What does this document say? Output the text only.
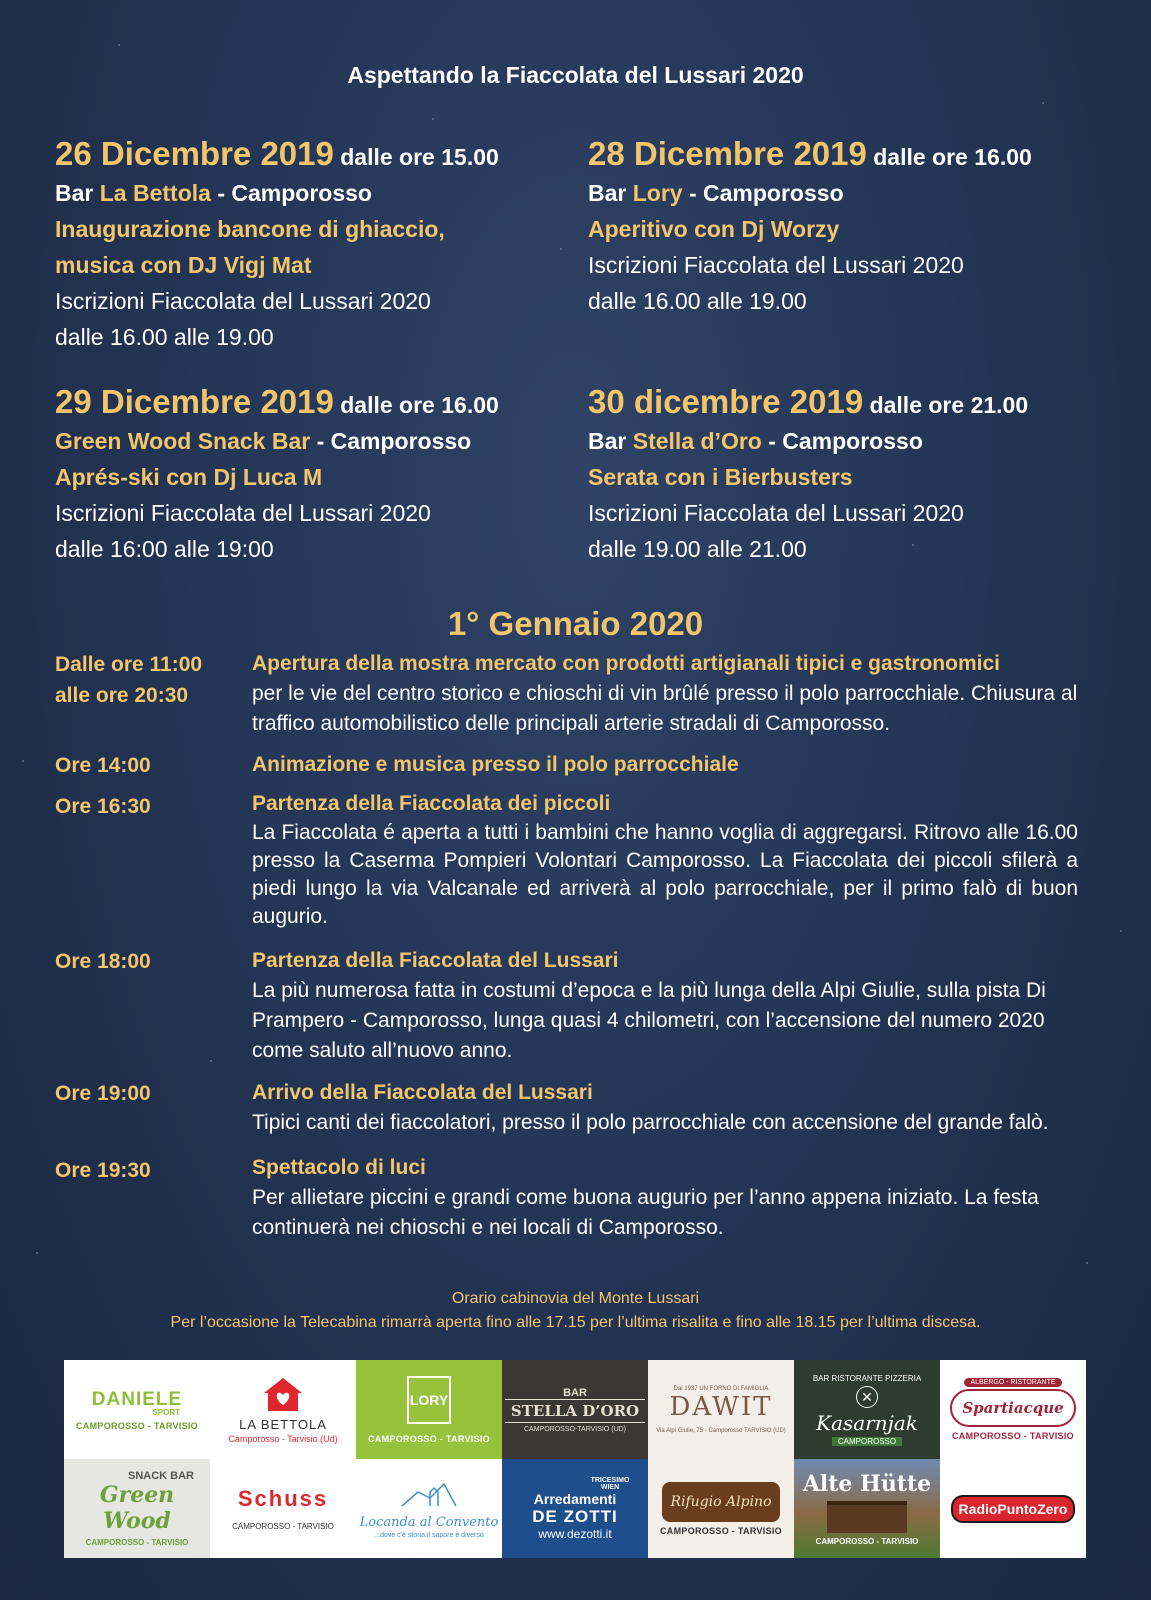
Aspettando la Fiaccolata del Lussari 2020
26 Dicembre 2019 dalle ore 15.00
Bar La Bettola - Camporosso
Inaugurazione bancone di ghiaccio, musica con DJ Vigj Mat
Iscrizioni Fiaccolata del Lussari 2020
dalle 16.00 alle 19.00
28 Dicembre 2019 dalle ore 16.00
Bar Lory - Camporosso
Aperitivo con Dj Worzy
Iscrizioni Fiaccolata del Lussari 2020
dalle 16.00 alle 19.00
29 Dicembre 2019 dalle ore 16.00
Green Wood Snack Bar - Camporosso
Aprés-ski con Dj Luca M
Iscrizioni Fiaccolata del Lussari 2020
dalle 16:00 alle 19:00
30 dicembre 2019 dalle ore 21.00
Bar Stella d’Oro - Camporosso
Serata con i Bierbusters
Iscrizioni Fiaccolata del Lussari 2020
dalle 19.00 alle 21.00
1° Gennaio 2020
Dalle ore 11:00 alle ore 20:30
Apertura della mostra mercato con prodotti artigianali tipici e gastronomici
per le vie del centro storico e chioschi di vin brûlé presso il polo parrocchiale. Chiusura al traffico automobilistico delle principali arterie stradali di Camporosso.
Ore 14:00	Animazione e musica presso il polo parrocchiale
Ore 16:30	Partenza della Fiaccolata dei piccoli
La Fiaccolata é aperta a tutti i bambini che hanno voglia di aggregarsi. Ritrovo alle 16.00 presso la Caserma Pompieri Volontari Camporosso. La Fiaccolata dei piccoli sfilerà a piedi lungo la via Valcanale ed arriverà al polo parrocchiale, per il primo falò di buon augurio.
Ore 18:00	Partenza della Fiaccolata del Lussari
La più numerosa fatta in costumi d’epoca e la più lunga della Alpi Giulie, sulla pista Di Prampero - Camporosso, lunga quasi 4 chilometri, con l’accensione del numero 2020 come saluto all’nuovo anno.
Ore 19:00	Arrivo della Fiaccolata del Lussari
Tipici canti dei fiaccolatori, presso il polo parrocchiale con accensione del grande falò.
Ore 19:30	Spettacolo di luci
Per allietare piccini e grandi come buona augurio per l’anno appena iniziato. La festa continuerà nei chioschi e nei locali di Camporosso.
Orario cabinovia del Monte Lussari
Per l’occasione la Telecabina rimarrà aperta fino alle 17.15 per l’ultima risalita e fino alle 18.15 per l’ultima discesa.
DANIELE
SPORT
CAMPOROSSO - TARVISIO	LA BETTOLA
Camporosso - Tarvisio (Ud)
LORY
CAMPOROSSO - TARVISIO
BAR
STELLA D’ORO
CAMPOROSSO-TARVISIO (UD)
Dal 1937 UN FORNO DI FAMIGLIA
DAWIT
Via Alpi Giulie, 75 - Camporosso TARVISIO (UD)
BAR RISTORANTE PIZZERIA
✕
Kasarnjak
CAMPOROSSO
ALBERGO - RISTORANTE
Spartiacque
CAMPOROSSO - TARVISIO
SNACK BAR
Green Wood
CAMPOROSSO - TARVISIO
Schuss
CAMPOROSSO - TARVISIO Locanda al Convento
...dove c'è storia il sapore è diverso
TRICESIMO WIEN
Arredamenti
DE ZOTTI
www.dezotti.it
Rifugio Alpino
CAMPOROSSO - TARVISIO
Alte Hütte
CAMPOROSSO - TARVISIO
RadioPuntoZero
